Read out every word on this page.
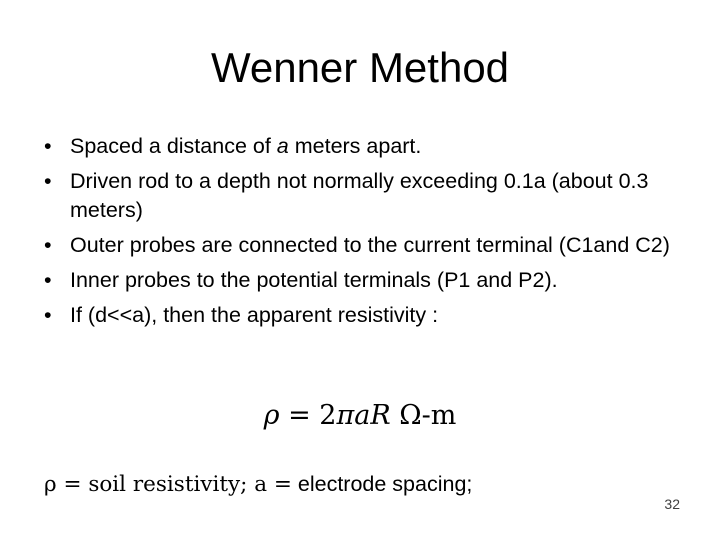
Wenner Method
• Spaced a distance of a meters apart.
• Driven rod to a depth not normally exceeding 0.1a (about 0.3 meters)
• Outer probes are connected to the current terminal (C1and C2)
• Inner probes to the potential terminals (P1 and P2).
• If (d<<a), then the apparent resistivity :
ρ = 2πaR Ω-m
ρ = soil resistivity; a = electrode spacing;
32
